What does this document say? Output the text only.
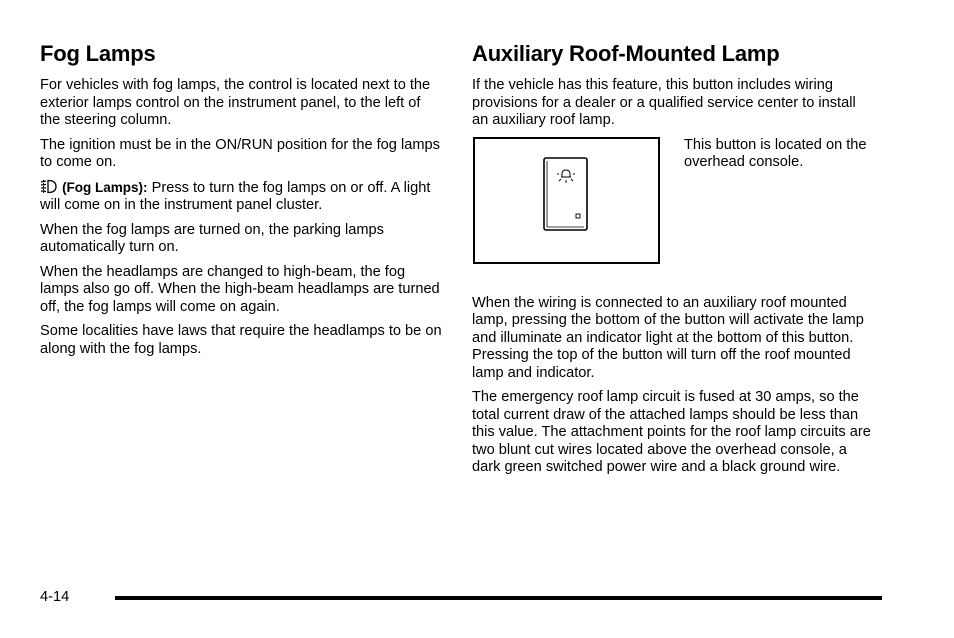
Fog Lamps

For vehicles with fog lamps, the control is located next to the exterior lamps control on the instrument panel, to the left of the steering column.

The ignition must be in the ON/RUN position for the fog lamps to come on.

(Fog Lamps): Press to turn the fog lamps on or off. A light will come on in the instrument panel cluster.

When the fog lamps are turned on, the parking lamps automatically turn on.

When the headlamps are changed to high-beam, the fog lamps also go off. When the high-beam headlamps are turned off, the fog lamps will come on again.

Some localities have laws that require the headlamps to be on along with the fog lamps.

Auxiliary Roof-Mounted Lamp

If the vehicle has this feature, this button includes wiring provisions for a dealer or a qualified service center to install an auxiliary roof lamp.

This button is located on the overhead console.

When the wiring is connected to an auxiliary roof mounted lamp, pressing the bottom of the button will activate the lamp and illuminate an indicator light at the bottom of this button. Pressing the top of the button will turn off the roof mounted lamp and indicator.

The emergency roof lamp circuit is fused at 30 amps, so the total current draw of the attached lamps should be less than this value. The attachment points for the roof lamp circuits are two blunt cut wires located above the overhead console, a dark green switched power wire and a black ground wire.

4-14
